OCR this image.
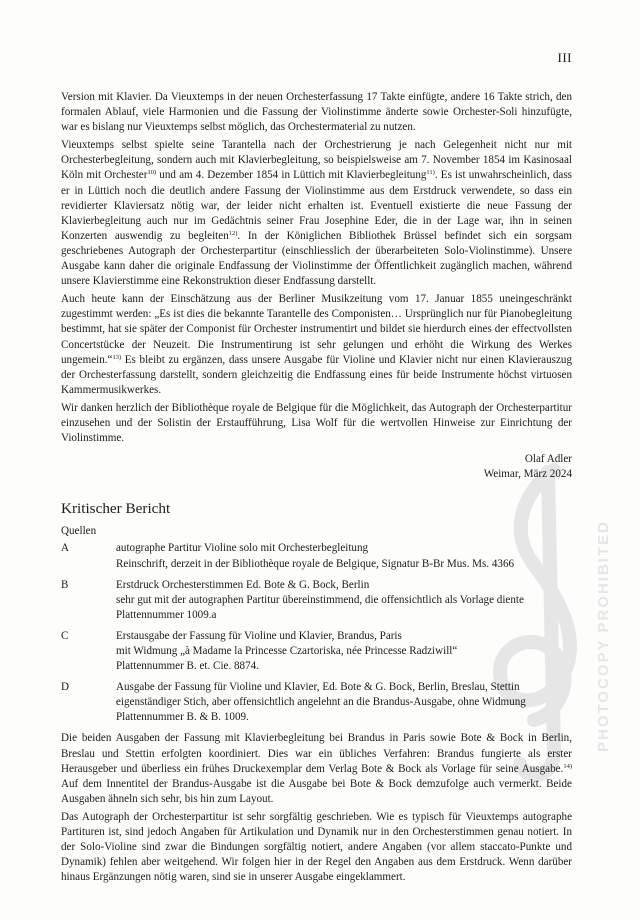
PHOTOCOPY PROHIBITED
III

Version mit Klavier. Da Vieuxtemps in der neuen Orchesterfassung 17 Takte einfügte, andere 16 Takte strich, den formalen Ablauf, viele Harmonien und die Fassung der Violinstimme änderte sowie Orchester-Soli hinzufügte, war es bislang nur Vieuxtemps selbst möglich, das Orchestermaterial zu nutzen.

Vieuxtemps selbst spielte seine Tarantella nach der Orchestrierung je nach Gelegenheit nicht nur mit Orchesterbegleitung, sondern auch mit Klavierbegleitung, so beispielsweise am 7. November 1854 im Kasinosaal Köln mit Orchester$^{10)}$ und am 4. Dezember 1854 in Lüttich mit Klavierbegleitung$^{11)}$. Es ist unwahrscheinlich, dass er in Lüttich noch die deutlich andere Fassung der Violinstimme aus dem Erstdruck verwendete, so dass ein revidierter Klaviersatz nötig war, der leider nicht erhalten ist. Eventuell existierte die neue Fassung der Klavierbegleitung auch nur im Gedächtnis seiner Frau Josephine Eder, die in der Lage war, ihn in seinen Konzerten auswendig zu begleiten$^{12)}$. In der Königlichen Bibliothek Brüssel befindet sich ein sorgsam geschriebenes Autograph der Orchesterpartitur (einschliesslich der überarbeiteten Solo-Violinstimme). Unsere Ausgabe kann daher die originale Endfassung der Violinstimme der Öffentlichkeit zugänglich machen, während unsere Klavierstimme eine Rekonstruktion dieser Endfassung darstellt.

Auch heute kann der Einschätzung aus der Berliner Musikzeitung vom 17. Januar 1855 uneingeschränkt zugestimmt werden: „Es ist dies die bekannte Tarantelle des Componisten… Ursprünglich nur für Pianobegleitung bestimmt, hat sie später der Componist für Orchester instrumentirt und bildet sie hierdurch eines der effectvollsten Concertstücke der Neuzeit. Die Instrumentirung ist sehr gelungen und erhöht die Wirkung des Werkes ungemein.“$^{13)}$ Es bleibt zu ergänzen, dass unsere Ausgabe für Violine und Klavier nicht nur einen Klavierauszug der Orchesterfassung darstellt, sondern gleichzeitig die Endfassung eines für beide Instrumente höchst virtuosen Kammermusikwerkes.

Wir danken herzlich der Bibliothèque royale de Belgique für die Möglichkeit, das Autograph der Orchesterpartitur einzusehen und der Solistin der Erstaufführung, Lisa Wolf für die wertvollen Hinweise zur Einrichtung der Violinstimme.

Olaf Adler
Weimar, März 2024
Kritischer Bericht
Quellen
A	autographe Partitur Violine solo mit Orchesterbegleitung
Reinschrift, derzeit in der Bibliothèque royale de Belgique, Signatur B-Br Mus. Ms. 4366
B	Erstdruck Orchesterstimmen Ed. Bote & G. Bock, Berlin
sehr gut mit der autographen Partitur übereinstimmend, die offensichtlich als Vorlage diente
Plattennummer 1009.a
C	Erstausgabe der Fassung für Violine und Klavier, Brandus, Paris
mit Widmung „à Madame la Princesse Czartoriska, née Princesse Radziwill“
Plattennummer B. et. Cie. 8874.
D	Ausgabe der Fassung für Violine und Klavier, Ed. Bote & G. Bock, Berlin, Breslau, Stettin
eigenständiger Stich, aber offensichtlich angelehnt an die Brandus-Ausgabe, ohne Widmung
Plattennummer B. & B. 1009.

Die beiden Ausgaben der Fassung mit Klavierbegleitung bei Brandus in Paris sowie Bote & Bock in Berlin, Breslau und Stettin erfolgten koordiniert. Dies war ein übliches Verfahren: Brandus fungierte als erster Herausgeber und überliess ein frühes Druckexemplar dem Verlag Bote & Bock als Vorlage für seine Ausgabe.$^{14)}$ Auf dem Innentitel der Brandus-Ausgabe ist die Ausgabe bei Bote & Bock demzufolge auch vermerkt. Beide Ausgaben ähneln sich sehr, bis hin zum Layout.

Das Autograph der Orchesterpartitur ist sehr sorgfältig geschrieben. Wie es typisch für Vieuxtemps autographe Partituren ist, sind jedoch Angaben für Artikulation und Dynamik nur in den Orchesterstimmen genau notiert. In der Solo-Violine sind zwar die Bindungen sorgfältig notiert, andere Angaben (vor allem staccato-Punkte und Dynamik) fehlen aber weitgehend. Wir folgen hier in der Regel den Angaben aus dem Erstdruck. Wenn darüber hinaus Ergänzungen nötig waren, sind sie in unserer Ausgabe eingeklammert.
